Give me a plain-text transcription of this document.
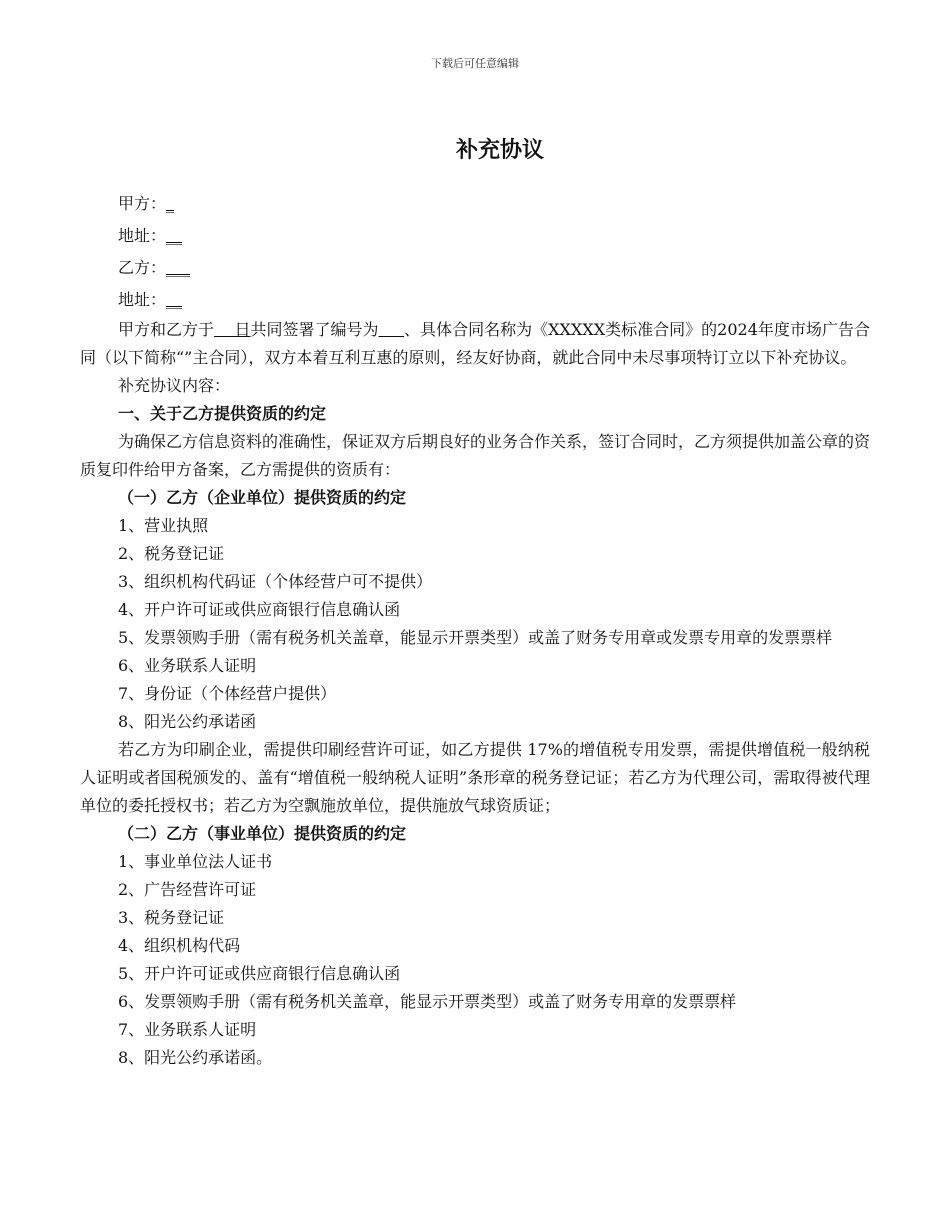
下载后可任意编辑
补充协议
甲方：_
地址：__
乙方：___
地址：__
甲方和乙方于    日共同签署了编号为 、具体合同名称为《XXXXX类标准合同》的2024年度市场广告合同（以下简称“”主合同），双方本着互利互惠的原则，经友好协商，就此合同中未尽事项特订立以下补充协议。
补充协议内容：
一、关于乙方提供资质的约定
为确保乙方信息资料的准确性，保证双方后期良好的业务合作关系，签订合同时，乙方须提供加盖公章的资质复印件给甲方备案，乙方需提供的资质有：
（一）乙方（企业单位）提供资质的约定
1、营业执照
2、税务登记证
3、组织机构代码证（个体经营户可不提供）
4、开户许可证或供应商银行信息确认函
5、发票领购手册（需有税务机关盖章，能显示开票类型）或盖了财务专用章或发票专用章的发票票样
6、业务联系人证明
7、身份证（个体经营户提供）
8、阳光公约承诺函
若乙方为印刷企业，需提供印刷经营许可证，如乙方提供 17%的增值税专用发票，需提供增值税一般纳税人证明或者国税颁发的、盖有“增值税一般纳税人证明”条形章的税务登记证；若乙方为代理公司，需取得被代理单位的委托授权书；若乙方为空飘施放单位，提供施放气球资质证；
（二）乙方（事业单位）提供资质的约定
1、事业单位法人证书
2、广告经营许可证
3、税务登记证
4、组织机构代码
5、开户许可证或供应商银行信息确认函
6、发票领购手册（需有税务机关盖章，能显示开票类型）或盖了财务专用章的发票票样
7、业务联系人证明
8、阳光公约承诺函。
